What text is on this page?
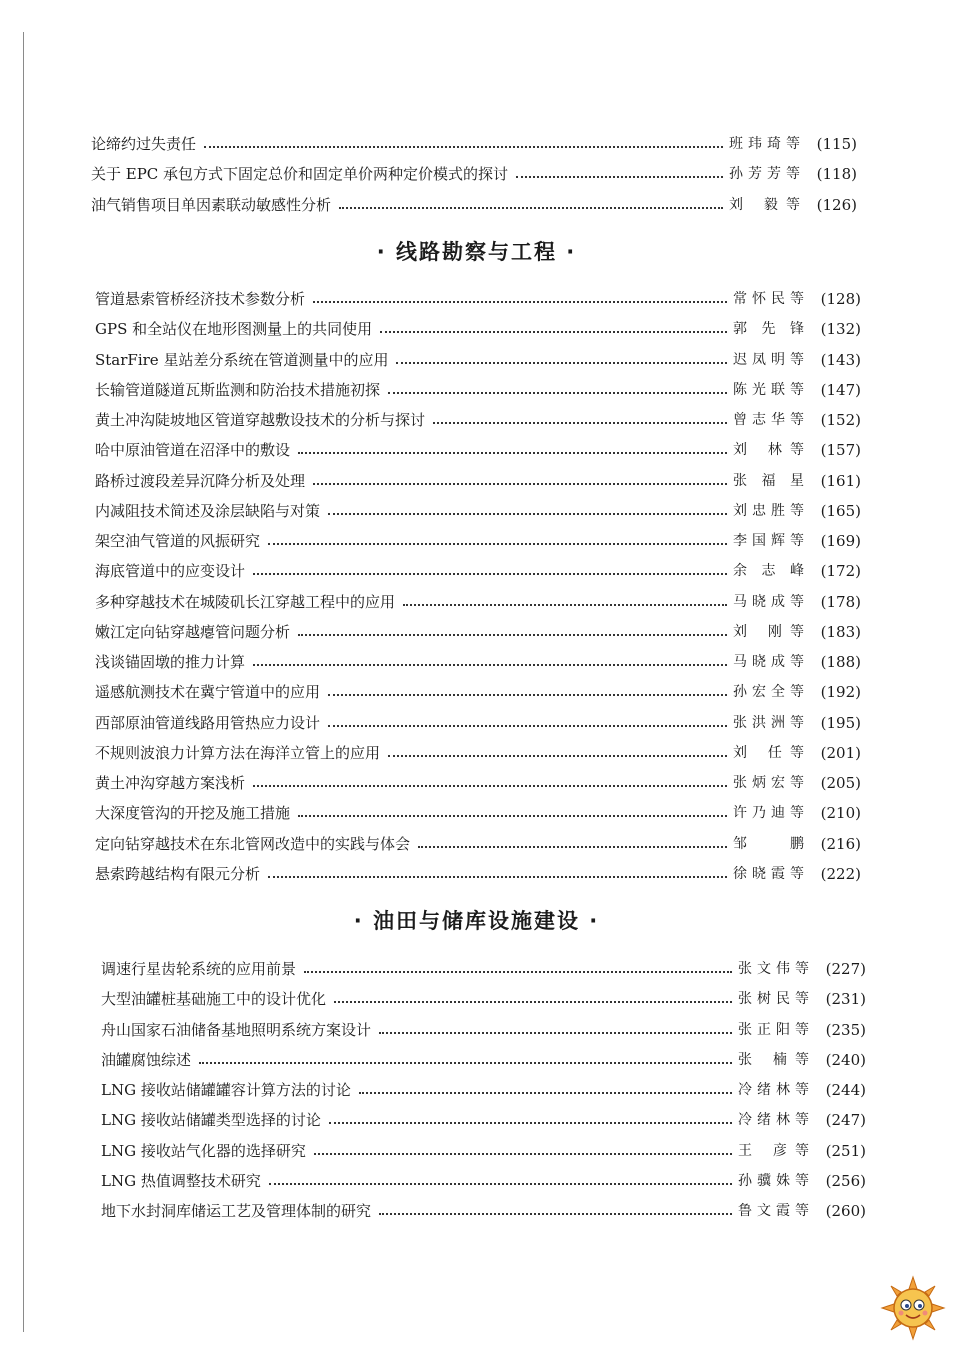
论缔约过失责任	班玮琦等	(115)
关于 EPC 承包方式下固定总价和固定单价两种定价模式的探讨	孙芳芳等	(118)
油气销售项目单因素联动敏感性分析	刘 毅等	(126)
· 线路勘察与工程 ·
管道悬索管桥经济技术参数分析	常怀民等	(128)
GPS 和全站仪在地形图测量上的共同使用	郭先锋	(132)
StarFire 星站差分系统在管道测量中的应用	迟凤明等	(143)
长输管道隧道瓦斯监测和防治技术措施初探	陈光联等	(147)
黄土冲沟陡坡地区管道穿越敷设技术的分析与探讨	曾志华等	(152)
哈中原油管道在沼泽中的敷设	刘 林等	(157)
路桥过渡段差异沉降分析及处理	张福星	(161)
内减阻技术简述及涂层缺陷与对策	刘忠胜等	(165)
架空油气管道的风振研究	李国辉等	(169)
海底管道中的应变设计	余志峰	(172)
多种穿越技术在城陵矶长江穿越工程中的应用	马晓成等	(178)
嫩江定向钻穿越瘪管问题分析	刘 刚等	(183)
浅谈锚固墩的推力计算	马晓成等	(188)
遥感航测技术在冀宁管道中的应用	孙宏全等	(192)
西部原油管道线路用管热应力设计	张洪洲等	(195)
不规则波浪力计算方法在海洋立管上的应用	刘 任等	(201)
黄土冲沟穿越方案浅析	张炳宏等	(205)
大深度管沟的开挖及施工措施	许乃迪等	(210)
定向钻穿越技术在东北管网改造中的实践与体会	邹 鹏	(216)
悬索跨越结构有限元分析	徐晓霞等	(222)
· 油田与储库设施建设 ·
调速行星齿轮系统的应用前景	张文伟等	(227)
大型油罐桩基础施工中的设计优化	张树民等	(231)
舟山国家石油储备基地照明系统方案设计	张正阳等	(235)
油罐腐蚀综述	张 楠等	(240)
LNG 接收站储罐罐容计算方法的讨论	冷绪林等	(244)
LNG 接收站储罐类型选择的讨论	冷绪林等	(247)
LNG 接收站气化器的选择研究	王 彦等	(251)
LNG 热值调整技术研究	孙骥姝等	(256)
地下水封洞库储运工艺及管理体制的研究	鲁文霞等	(260)
